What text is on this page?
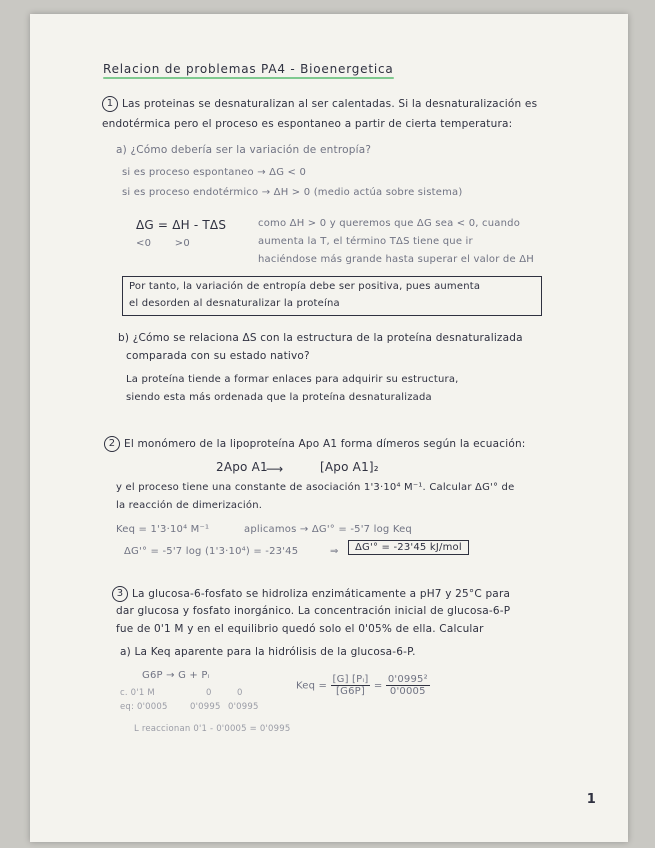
Relacion de problemas PA4 - Bioenergetica
1 Las proteinas se desnaturalizan al ser calentadas. Si la desnaturalización es
endotérmica pero el proceso es espontaneo a partir de cierta temperatura:
a) ¿Cómo debería ser la variación de entropía?
si es proceso espontaneo → ΔG < 0
si es proceso endotérmico → ΔH > 0 (medio actúa sobre sistema)
ΔG = ΔH - TΔS
<0       >0
como ΔH > 0 y queremos que ΔG sea < 0, cuando
aumenta la T, el término TΔS tiene que ir
haciéndose más grande hasta superar el valor de ΔH
Por tanto, la variación de entropía debe ser positiva, pues aumenta
el desorden al desnaturalizar la proteína
b) ¿Cómo se relaciona ΔS con la estructura de la proteína desnaturalizada
comparada con su estado nativo?
La proteína tiende a formar enlaces para adquirir su estructura,
siendo esta más ordenada que la proteína desnaturalizada
2 El monómero de la lipoproteína Apo A1 forma dímeros según la ecuación:
2Apo A1
⟶	[Apo A1]₂
y el proceso tiene una constante de asociación 1'3·10⁴ M⁻¹. Calcular ΔG'° de
la reacción de dimerización.
Keq = 1'3·10⁴ M⁻¹	aplicamos → ΔG'° = -5'7 log Keq
ΔG'° = -5'7 log (1'3·10⁴) = -23'45	⇒	ΔG'° = -23'45 kJ/mol
3 La glucosa-6-fosfato se hidroliza enzimáticamente a pH7 y 25°C para
dar glucosa y fosfato inorgánico. La concentración inicial de glucosa-6-P
fue de 0'1 M y en el equilibrio quedó solo el 0'05% de ella. Calcular
a) La Keq aparente para la hidrólisis de la glucosa-6-P.
G6P → G + Pᵢ
c. 0'1 M	0	0
eq: 0'0005	0'0995 0'0995
Keq = $\frac{\text{[G] [Pᵢ]}}{[G6P]} = \frac{\text{0'0995²}}{0'0005}$
L reaccionan 0'1 - 0'0005 = 0'0995
1
